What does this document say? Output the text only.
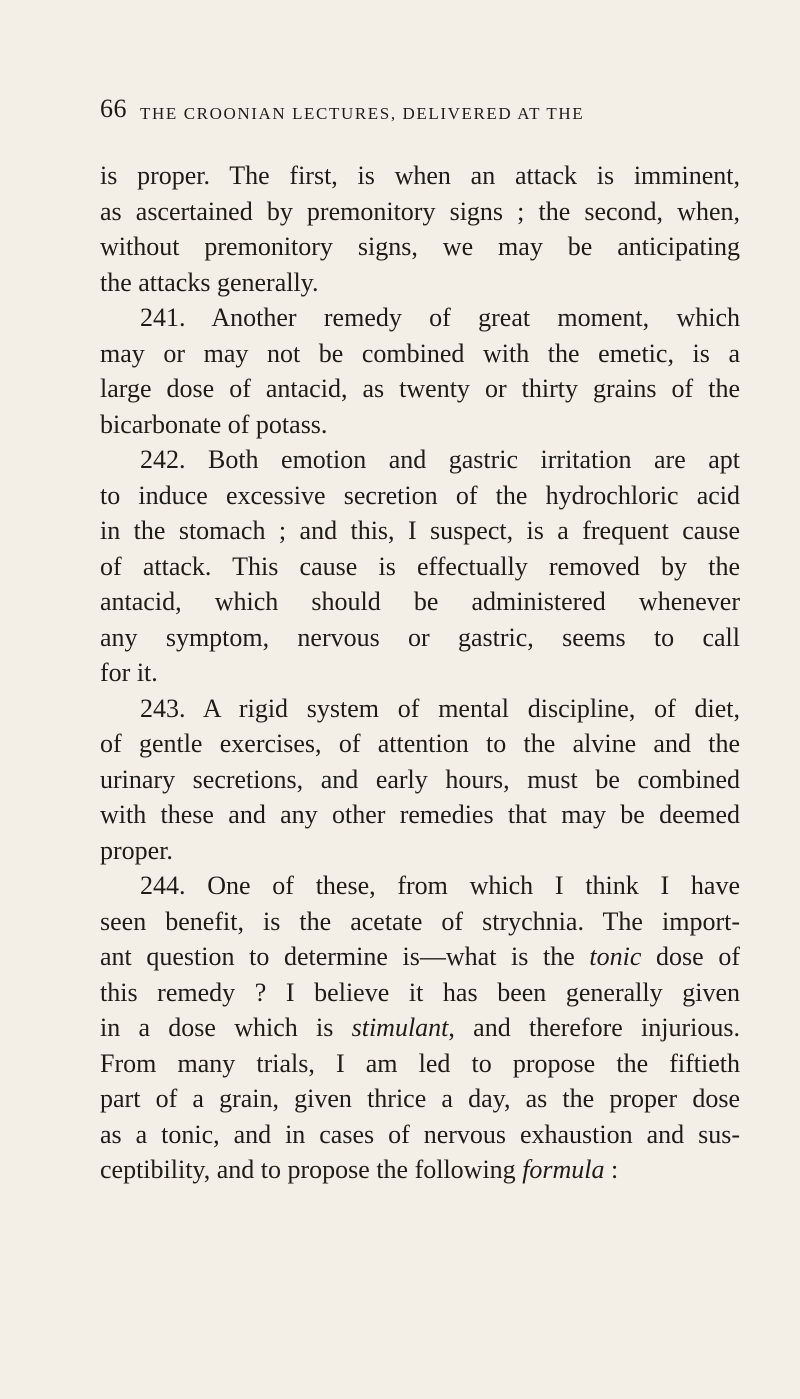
66 THE CROONIAN LECTURES, DELIVERED AT THE
is proper. The first, is when an attack is imminent,
as ascertained by premonitory signs ; the second, when,
without premonitory signs, we may be anticipating
the attacks generally.
241. Another remedy of great moment, which
may or may not be combined with the emetic, is a
large dose of antacid, as twenty or thirty grains of the
bicarbonate of potass.
242. Both emotion and gastric irritation are apt
to induce excessive secretion of the hydrochloric acid
in the stomach ; and this, I suspect, is a frequent cause
of attack. This cause is effectually removed by the
antacid, which should be administered whenever
any symptom, nervous or gastric, seems to call
for it.
243. A rigid system of mental discipline, of diet,
of gentle exercises, of attention to the alvine and the
urinary secretions, and early hours, must be combined
with these and any other remedies that may be deemed
proper.
244. One of these, from which I think I have
seen benefit, is the acetate of strychnia. The import-
ant question to determine is—what is the tonic dose of
this remedy ? I believe it has been generally given
in a dose which is stimulant, and therefore injurious.
From many trials, I am led to propose the fiftieth
part of a grain, given thrice a day, as the proper dose
as a tonic, and in cases of nervous exhaustion and sus-
ceptibility, and to propose the following formula :
